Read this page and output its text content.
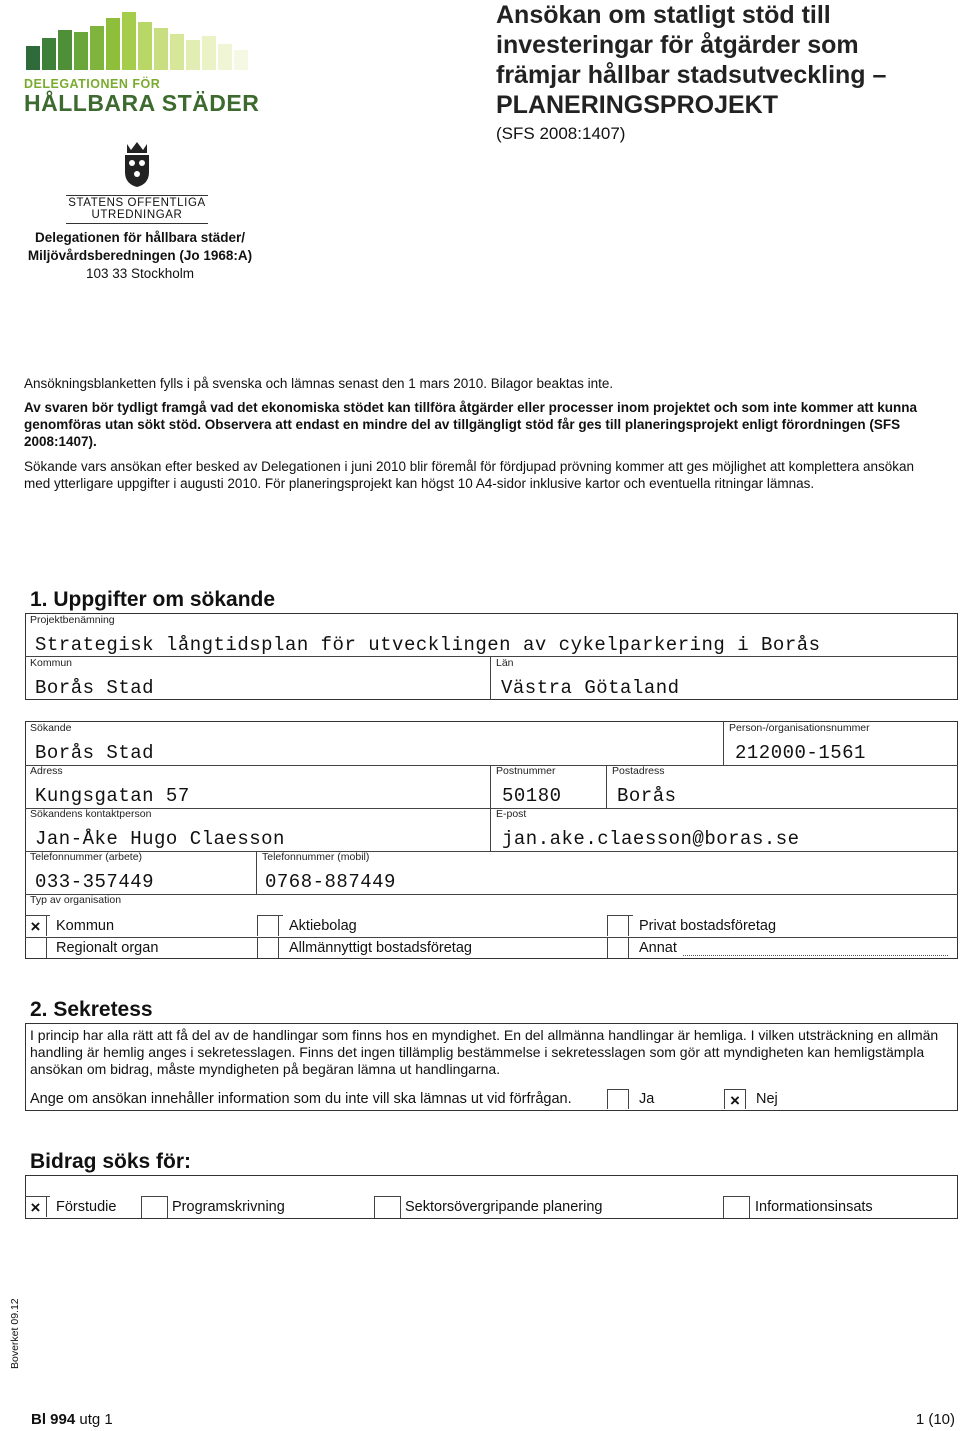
DELEGATIONEN FÖR
HÅLLBARA STÄDER
STATENS OFFENTLIGA
UTREDNINGAR
Ansökan om statligt stöd till
investeringar för åtgärder som
främjar hållbar stadsutveckling –
PLANERINGSPROJEKT
(SFS 2008:1407)
Delegationen för hållbara städer/
Miljövårdsberedningen (Jo 1968:A)
103 33 Stockholm
Ansökningsblanketten fylls i på svenska och lämnas senast den 1 mars 2010. Bilagor beaktas inte.
Av svaren bör tydligt framgå vad det ekonomiska stödet kan tillföra åtgärder eller processer inom projektet och som inte kommer att kunna genomföras utan sökt stöd. Observera att endast en mindre del av tillgängligt stöd får ges till planeringsprojekt enligt förordningen (SFS 2008:1407).
Sökande vars ansökan efter besked av Delegationen i juni 2010 blir föremål för fördjupad prövning kommer att ges möjlighet att komplettera ansökan med ytterligare uppgifter i augusti 2010. För planeringsprojekt kan högst 10 A4-sidor inklusive kartor och eventuella ritningar lämnas.
1. Uppgifter om sökande
Projektbenämning
Strategisk långtidsplan för utvecklingen av cykelparkering i Borås
Kommun
Borås Stad
Län
Västra Götaland
Sökande
Borås Stad
Person-/organisationsnummer
212000-1561
Adress
Kungsgatan 57
Postnummer
50180
Postadress
Borås
Sökandens kontaktperson
Jan-Åke Hugo Claesson
E-post
jan.ake.claesson@boras.se
Telefonnummer (arbete)
033-357449
Telefonnummer (mobil)
0768-887449
Typ av organisation
×	Kommun	Aktiebolag	Privat bostadsföretag
Regionalt organ	Allmännyttigt bostadsföretag	Annat
2. Sekretess
I princip har alla rätt att få del av de handlingar som finns hos en myndighet. En del allmänna handlingar är hemliga. I vilken utsträckning en allmän handling är hemlig anges i sekretesslagen. Finns det ingen tillämplig bestämmelse i sekretesslagen som gör att myndigheten kan hemligstämpla ansökan om bidrag, måste myndigheten på begäran lämna ut handlingarna.
Ange om ansökan innehåller information som du inte vill ska lämnas ut vid förfrågan.	Ja	×	Nej
Bidrag söks för:
×	Förstudie	Programskrivning	Sektorsövergripande planering	Informationsinsats
Boverket 09.12
Bl 994 utg 1	1 (10)
